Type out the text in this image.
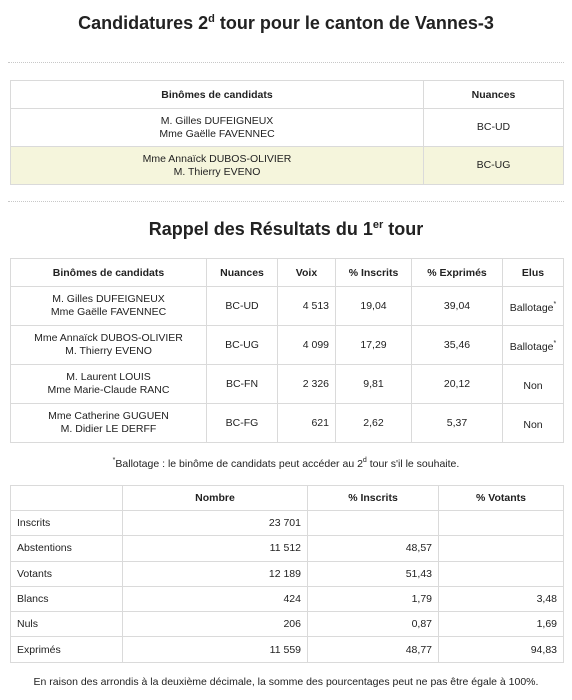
Candidatures 2$^d$ tour pour le canton de Vannes-3
Binômes de candidats	Nuances
M. Gilles DUFEIGNEUX
Mme Gaëlle FAVENNEC	BC-UD
Mme Annaïck DUBOS-OLIVIER
M. Thierry EVENO	BC-UG
Rappel des Résultats du 1er tour
Binômes de candidats	Nuances	Voix	% Inscrits	% Exprimés	Elus
M. Gilles DUFEIGNEUX
Mme Gaëlle FAVENNEC	BC-UD	4 513	19,04	39,04	Ballotage*
Mme Annaïck DUBOS-OLIVIER
M. Thierry EVENO	BC-UG	4 099	17,29	35,46	Ballotage*
M. Laurent LOUIS
Mme Marie-Claude RANC	BC-FN	2 326	9,81	20,12	Non
Mme Catherine GUGUEN
M. Didier LE DERFF	BC-FG	621	2,62	5,37	Non
*Ballotage : le binôme de candidats peut accéder au 2$^d$ tour s'il le souhaite.
	Nombre	% Inscrits	% Votants
Inscrits	23 701		
Abstentions	11 512	48,57	
Votants	12 189	51,43	
Blancs	424	1,79	3,48
Nuls	206	0,87	1,69
Exprimés	11 559	48,77	94,83
En raison des arrondis à la deuxième décimale, la somme des pourcentages peut ne pas être égale à 100%.
